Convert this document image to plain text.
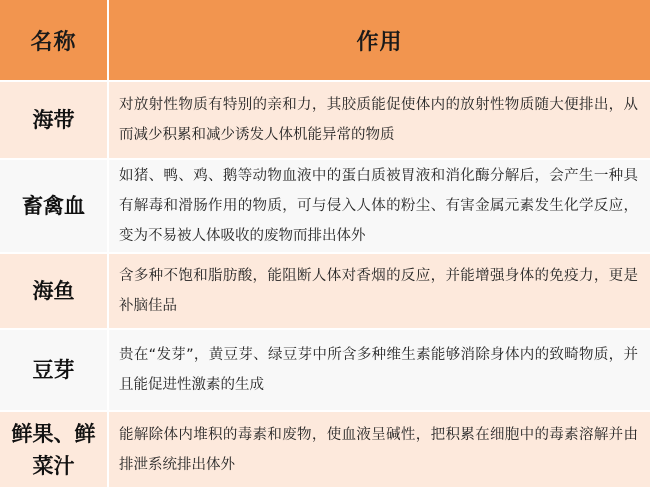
名称	作用
海带
对放射性物质有特别的亲和力，其胶质能促使体内的放射性物质随大便排出，从而减少积累和减少诱发人体机能异常的物质
畜禽血
如猪、鸭、鸡、鹅等动物血液中的蛋白质被胃液和消化酶分解后，会产生一种具有解毒和滑肠作用的物质，可与侵入人体的粉尘、有害金属元素发生化学反应，变为不易被人体吸收的废物而排出体外
海鱼
含多种不饱和脂肪酸，能阻断人体对香烟的反应，并能增强身体的免疫力，更是补脑佳品
豆芽
贵在“发芽”，黄豆芽、绿豆芽中所含多种维生素能够消除身体内的致畸物质，并且能促进性激素的生成
鲜果、鲜菜汁
能解除体内堆积的毒素和废物，使血液呈碱性，把积累在细胞中的毒素溶解并由排泄系统排出体外
